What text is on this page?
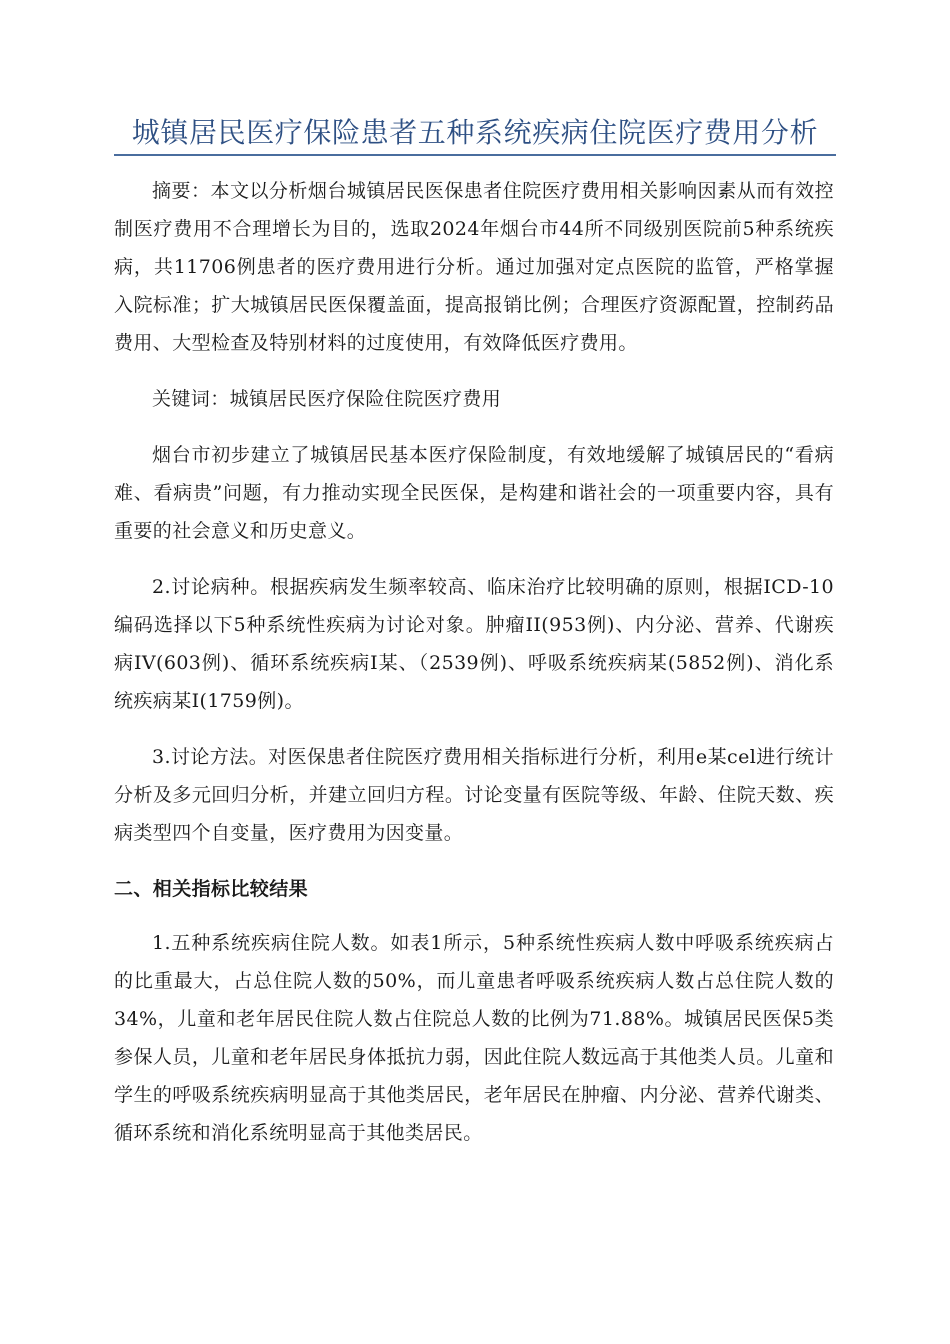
城镇居民医疗保险患者五种系统疾病住院医疗费用分析

摘要：本文以分析烟台城镇居民医保患者住院医疗费用相关影响因素从而有效控制医疗费用不合理增长为目的，选取2024年烟台市44所不同级别医院前5种系统疾病，共11706例患者的医疗费用进行分析。通过加强对定点医院的监管，严格掌握入院标准；扩大城镇居民医保覆盖面，提高报销比例；合理医疗资源配置，控制药品费用、大型检查及特别材料的过度使用，有效降低医疗费用。

关键词：城镇居民医疗保险住院医疗费用

烟台市初步建立了城镇居民基本医疗保险制度，有效地缓解了城镇居民的“看病难、看病贵”问题，有力推动实现全民医保，是构建和谐社会的一项重要内容，具有重要的社会意义和历史意义。

2.讨论病种。根据疾病发生频率较高、临床治疗比较明确的原则，根据ICD-10编码选择以下5种系统性疾病为讨论对象。肿瘤II(953例)、内分泌、营养、代谢疾病IV(603例)、循环系统疾病I某、（2539例)、呼吸系统疾病某(5852例)、消化系统疾病某I(1759例)。

3.讨论方法。对医保患者住院医疗费用相关指标进行分析，利用e某cel进行统计分析及多元回归分析，并建立回归方程。讨论变量有医院等级、年龄、住院天数、疾病类型四个自变量，医疗费用为因变量。

二、相关指标比较结果

1.五种系统疾病住院人数。如表1所示，5种系统性疾病人数中呼吸系统疾病占的比重最大，占总住院人数的50%，而儿童患者呼吸系统疾病人数占总住院人数的34%，儿童和老年居民住院人数占住院总人数的比例为71.88%。城镇居民医保5类参保人员，儿童和老年居民身体抵抗力弱，因此住院人数远高于其他类人员。儿童和学生的呼吸系统疾病明显高于其他类居民，老年居民在肿瘤、内分泌、营养代谢类、循环系统和消化系统明显高于其他类居民。
